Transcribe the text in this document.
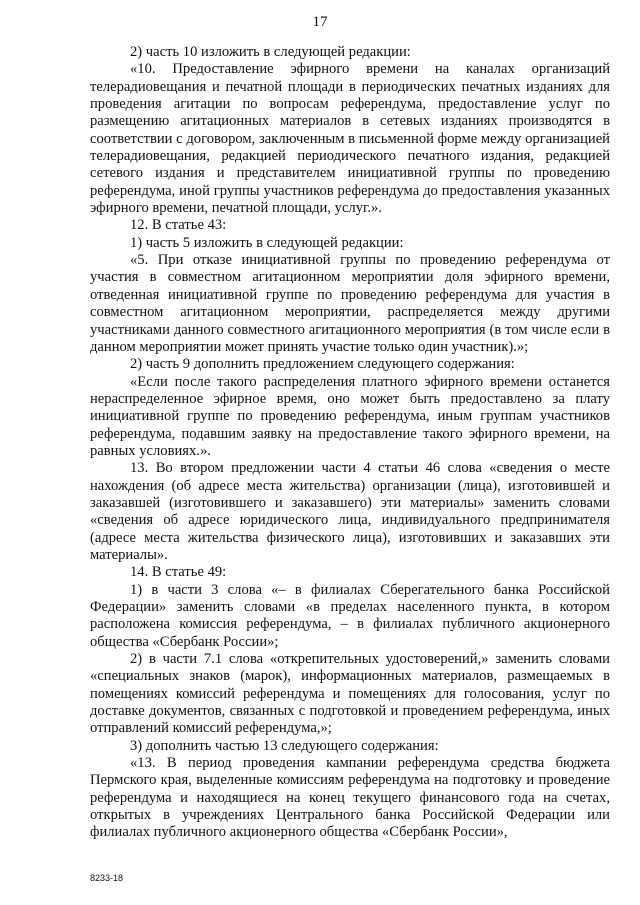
17

2) часть 10 изложить в следующей редакции:

«10. Предоставление эфирного времени на каналах организаций телерадиовещания и печатной площади в периодических печатных изданиях для проведения агитации по вопросам референдума, предоставление услуг по размещению агитационных материалов в сетевых изданиях производятся в соответствии с договором, заключенным в письменной форме между организацией телерадиовещания, редакцией периодического печатного издания, редакцией сетевого издания и представителем инициативной группы по проведению референдума, иной группы участников референдума до предоставления указанных эфирного времени, печатной площади, услуг.».

12. В статье 43:

1) часть 5 изложить в следующей редакции:

«5. При отказе инициативной группы по проведению референдума от участия в совместном агитационном мероприятии доля эфирного времени, отведенная инициативной группе по проведению референдума для участия в совместном агитационном мероприятии, распределяется между другими участниками данного совместного агитационного мероприятия (в том числе если в данном мероприятии может принять участие только один участник).»;

2) часть 9 дополнить предложением следующего содержания:

«Если после такого распределения платного эфирного времени останется нераспределенное эфирное время, оно может быть предоставлено за плату инициативной группе по проведению референдума, иным группам участников референдума, подавшим заявку на предоставление такого эфирного времени, на равных условиях.».

13. Во втором предложении части 4 статьи 46 слова «сведения о месте нахождения (об адресе места жительства) организации (лица), изготовившей и заказавшей (изготовившего и заказавшего) эти материалы» заменить словами «сведения об адресе юридического лица, индивидуального предпринимателя (адресе места жительства физического лица), изготовивших и заказавших эти материалы».

14. В статье 49:

1) в части 3 слова «– в филиалах Сберегательного банка Российской Федерации» заменить словами «в пределах населенного пункта, в котором расположена комиссия референдума, – в филиалах публичного акционерного общества «Сбербанк России»;

2) в части 7.1 слова «открепительных удостоверений,» заменить словами «специальных знаков (марок), информационных материалов, размещаемых в помещениях комиссий референдума и помещениях для голосования, услуг по доставке документов, связанных с подготовкой и проведением референдума, иных отправлений комиссий референдума,»;

3) дополнить частью 13 следующего содержания:

«13. В период проведения кампании референдума средства бюджета Пермского края, выделенные комиссиям референдума на подготовку и проведение референдума и находящиеся на конец текущего финансового года на счетах, открытых в учреждениях Центрального банка Российской Федерации или филиалах публичного акционерного общества «Сбербанк России»,

8233-18
